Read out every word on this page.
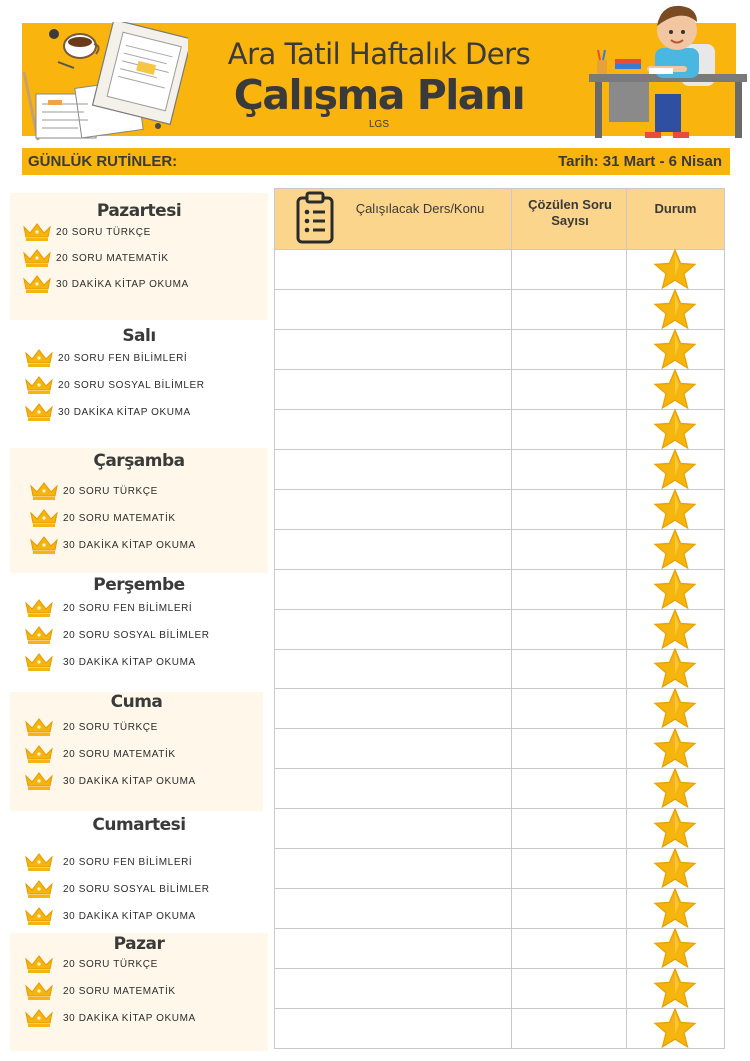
Ara Tatil Haftalık Ders
Çalışma Planı
LGS
GÜNLÜK RUTİNLER:	Tarih: 31 Mart - 6 Nisan
Pazartesi
20 SORU TÜRKÇE
20 SORU MATEMATİK
30 DAKİKA KİTAP OKUMA
Salı
20 SORU FEN BİLİMLERİ
20 SORU SOSYAL BİLİMLER
30 DAKİKA KİTAP OKUMA
Çarşamba
20 SORU TÜRKÇE
20 SORU MATEMATİK
30 DAKİKA KİTAP OKUMA
Perşembe
20 SORU FEN BİLİMLERİ
20 SORU SOSYAL BİLİMLER
30 DAKİKA KİTAP OKUMA
Cuma
20 SORU TÜRKÇE
20 SORU MATEMATİK
30 DAKİKA KİTAP OKUMA
Cumartesi
20 SORU FEN BİLİMLERİ
20 SORU SOSYAL BİLİMLER
30 DAKİKA KİTAP OKUMA
Pazar
20 SORU TÜRKÇE
20 SORU MATEMATİK
30 DAKİKA KİTAP OKUMA
Çalışılacak Ders/Konu	Çözülen Soru Sayısı
Durum
